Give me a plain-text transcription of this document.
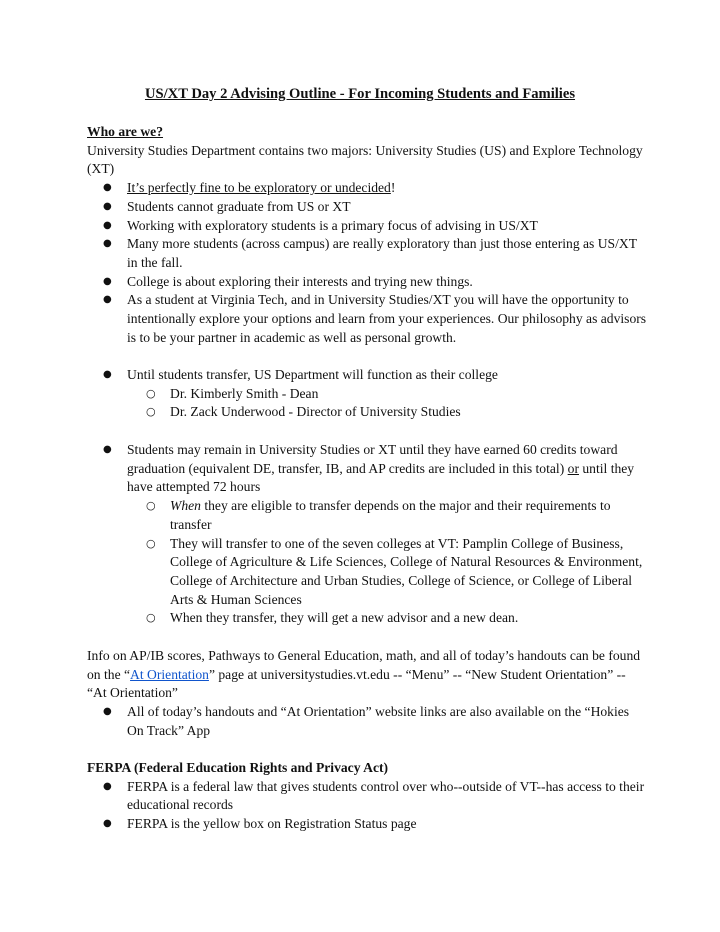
US/XT Day 2 Advising Outline - For Incoming Students and Families
Who are we?
University Studies Department contains two majors: University Studies (US) and Explore Technology (XT)
● It’s perfectly fine to be exploratory or undecided!
● Students cannot graduate from US or XT
● Working with exploratory students is a primary focus of advising in US/XT
● Many more students (across campus) are really exploratory than just those entering as US/XT in the fall.
● College is about exploring their interests and trying new things.
● As a student at Virginia Tech, and in University Studies/XT you will have the opportunity to intentionally explore your options and learn from your experiences. Our philosophy as advisors is to be your partner in academic as well as personal growth.
● Until students transfer, US Department will function as their college
○ Dr. Kimberly Smith - Dean
○ Dr. Zack Underwood - Director of University Studies
● Students may remain in University Studies or XT until they have earned 60 credits toward graduation (equivalent DE, transfer, IB, and AP credits are included in this total) or until they have attempted 72 hours
○ When they are eligible to transfer depends on the major and their requirements to transfer
○ They will transfer to one of the seven colleges at VT: Pamplin College of Business, College of Agriculture & Life Sciences, College of Natural Resources & Environment, College of Architecture and Urban Studies, College of Science, or College of Liberal Arts & Human Sciences
○ When they transfer, they will get a new advisor and a new dean.
Info on AP/IB scores, Pathways to General Education, math, and all of today’s handouts can be found on the “At Orientation” page at universitystudies.vt.edu -- “Menu” -- “New Student Orientation” -- “At Orientation”
● All of today’s handouts and “At Orientation” website links are also available on the “Hokies On Track” App
FERPA (Federal Education Rights and Privacy Act)
● FERPA is a federal law that gives students control over who--outside of VT--has access to their educational records
● FERPA is the yellow box on Registration Status page
